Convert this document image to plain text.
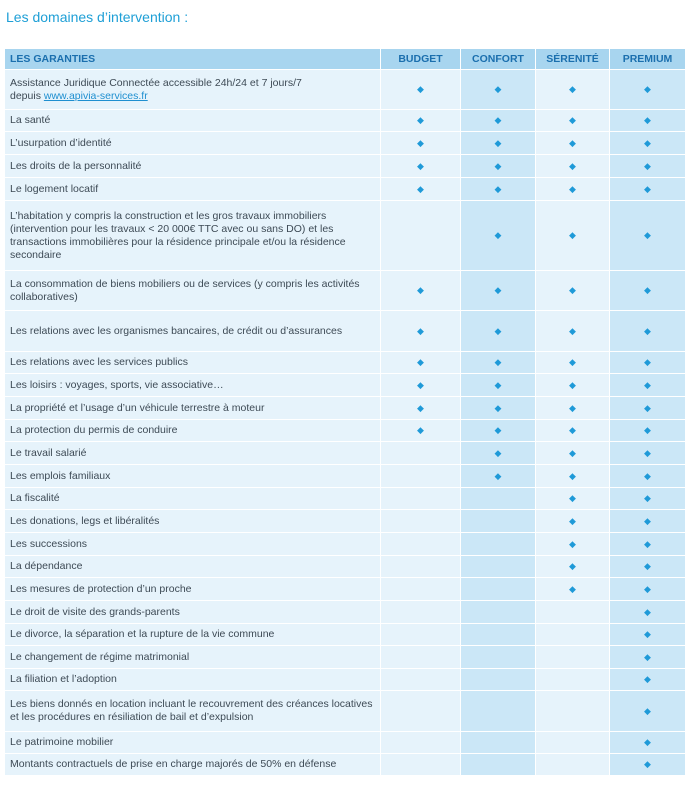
Les domaines d’intervention :
LES GARANTIES	BUDGET	CONFORT	SÉRENITÉ	PREMIUM
Assistance Juridique Connectée accessible 24h/24 et 7 jours/7
depuis www.apivia-services.fr	◆	◆	◆	◆
La santé	◆	◆	◆	◆
L’usurpation d’identité	◆	◆	◆	◆
Les droits de la personnalité	◆	◆	◆	◆
Le logement locatif	◆	◆	◆	◆
L’habitation y compris la construction et les gros travaux immobiliers (intervention pour les travaux < 20 000€ TTC avec ou sans DO) et les transactions immobilières pour la résidence principale et/ou la résidence secondaire		◆	◆	◆
La consommation de biens mobiliers ou de services (y compris les activités collaboratives)	◆	◆	◆	◆
Les relations avec les organismes bancaires, de crédit ou d’assurances	◆	◆	◆	◆
Les relations avec les services publics	◆	◆	◆	◆
Les loisirs : voyages, sports, vie associative…	◆	◆	◆	◆
La propriété et l’usage d’un véhicule terrestre à moteur	◆	◆	◆	◆
La protection du permis de conduire	◆	◆	◆	◆
Le travail salarié		◆	◆	◆
Les emplois familiaux		◆	◆	◆
La fiscalité			◆	◆
Les donations, legs et libéralités			◆	◆
Les successions			◆	◆
La dépendance			◆	◆
Les mesures de protection d’un proche			◆	◆
Le droit de visite des grands-parents				◆
Le divorce, la séparation et la rupture de la vie commune				◆
Le changement de régime matrimonial				◆
La filiation et l’adoption				◆
Les biens donnés en location incluant le recouvrement des créances locatives et les procédures en résiliation de bail et d’expulsion				◆
Le patrimoine mobilier				◆
Montants contractuels de prise en charge majorés de 50% en défense				◆
